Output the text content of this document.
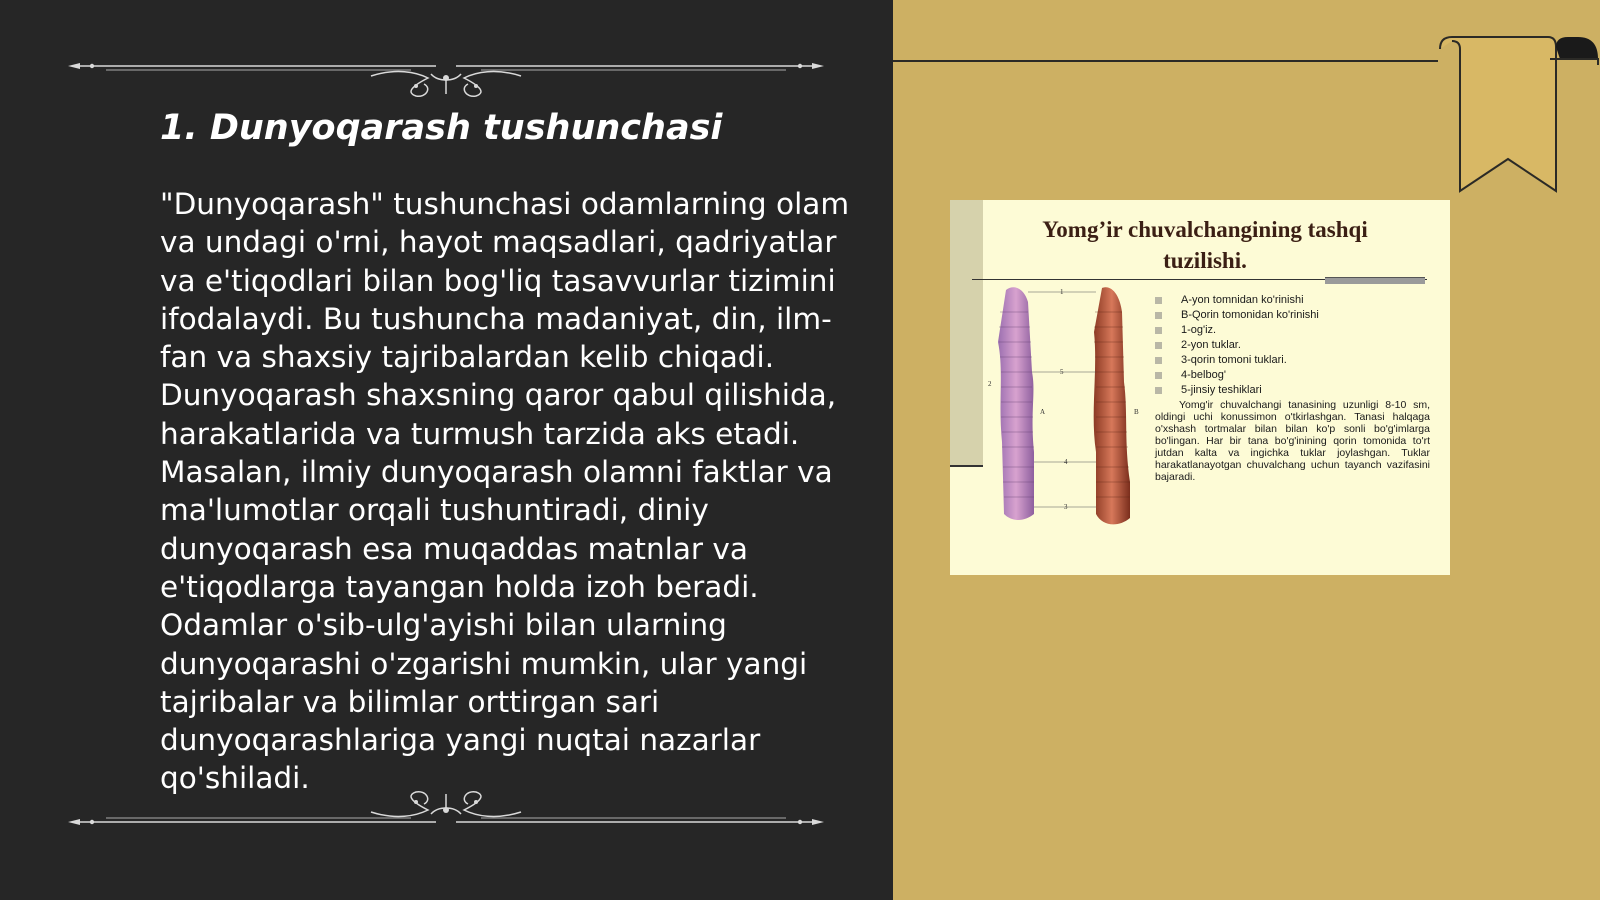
1. Dunyoqarash tushunchasi

"Dunyoqarash" tushunchasi odamlarning olam va undagi o'rni, hayot maqsadlari, qadriyatlar va e'tiqodlari bilan bog'liq tasavvurlar tizimini ifodalaydi. Bu tushuncha madaniyat, din, ilm-fan va shaxsiy tajribalardan kelib chiqadi. Dunyoqarash shaxsning qaror qabul qilishida, harakatlarida va turmush tarzida aks etadi. Masalan, ilmiy dunyoqarash olamni faktlar va ma'lumotlar orqali tushuntiradi, diniy dunyoqarash esa muqaddas matnlar va e'tiqodlarga tayangan holda izoh beradi. Odamlar o'sib-ulg'ayishi bilan ularning dunyoqarashi o'zgarishi mumkin, ular yangi tajribalar va bilimlar orttirgan sari dunyoqarashlariga yangi nuqtai nazarlar qo'shiladi.

Yomg’ir chuvalchangining tashqi tuzilishi.
1
5
4
3
2
A	B
A-yon tomnidan ko'rinishi
B-Qorin tomonidan ko'rinishi
1-og'iz.
2-yon tuklar.
3-qorin tomoni tuklari.
4-belbog'
5-jinsiy teshiklari

Yomg'ir chuvalchangi tanasining uzunligi 8-10 sm, oldingi uchi konussimon o'tkirlashgan. Tanasi halqaga o'xshash tortmalar bilan bilan ko'p sonli bo'g'imlarga bo'lingan. Har bir tana bo'g'inining qorin tomonida to'rt jutdan kalta va ingichka tuklar joylashgan. Tuklar harakatlanayotgan chuvalchang uchun tayanch vazifasini bajaradi.
